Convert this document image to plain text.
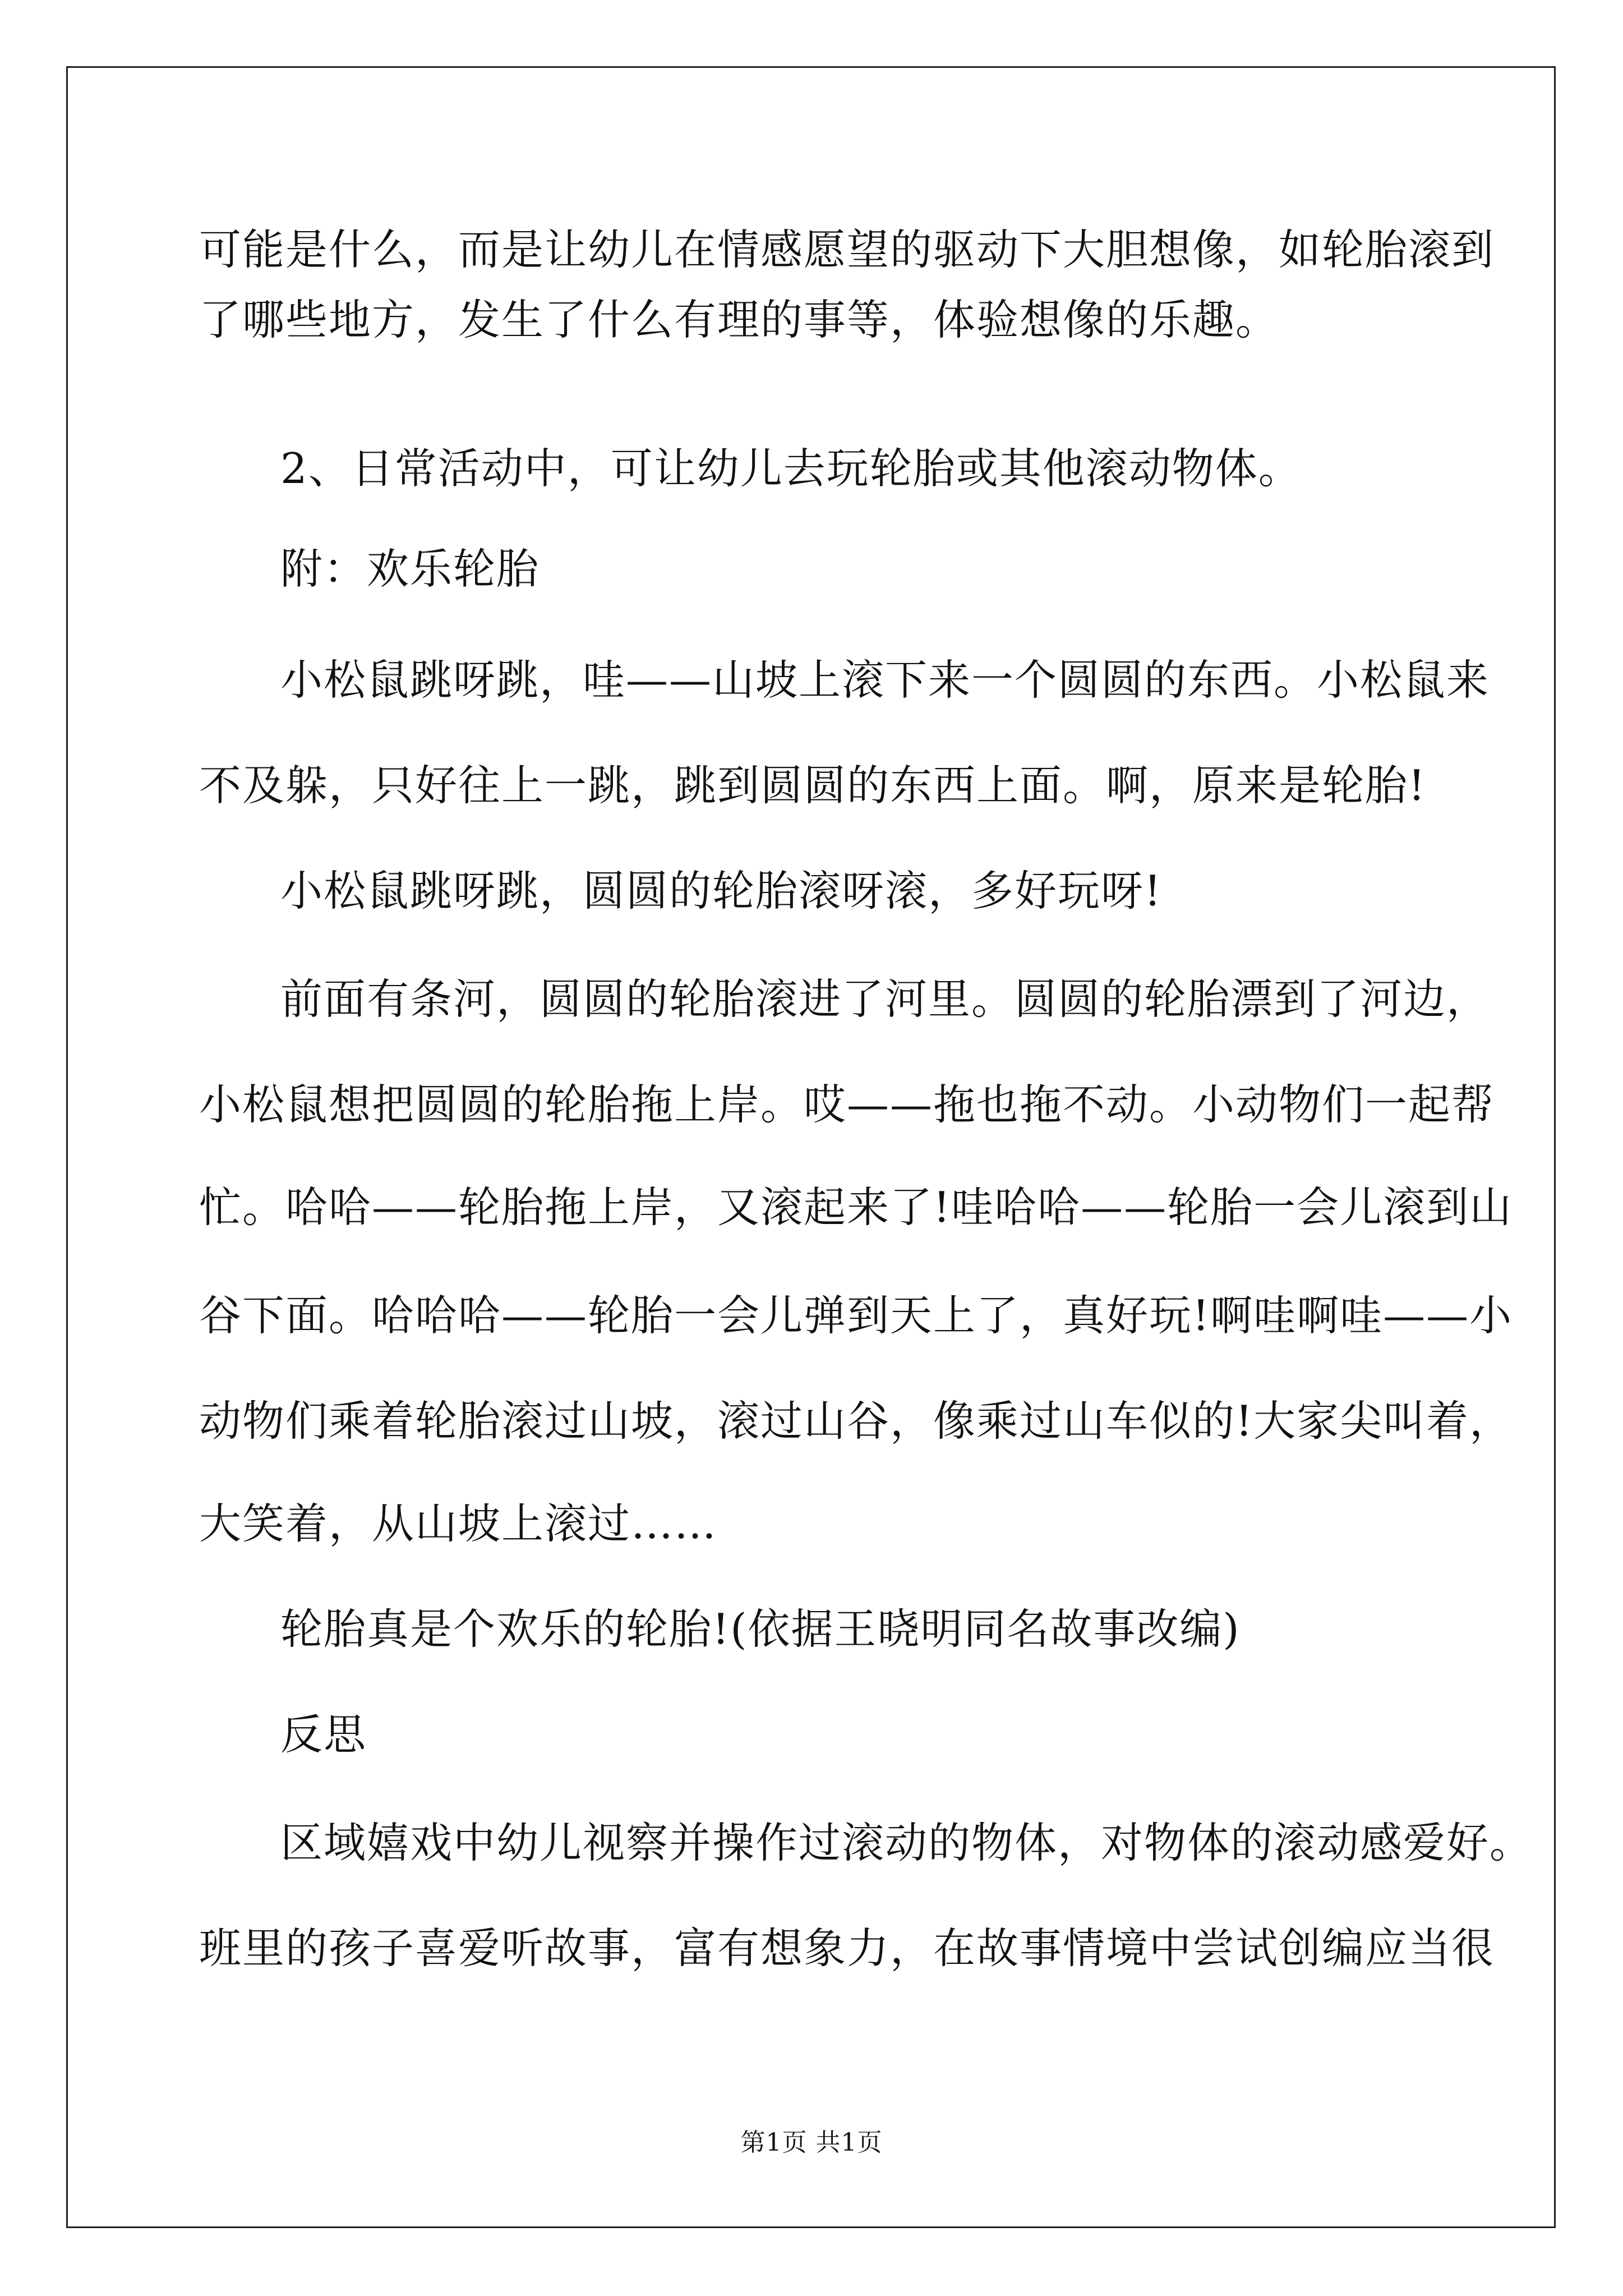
可能是什么，而是让幼儿在情感愿望的驱动下大胆想像，如轮胎滚到
了哪些地方，发生了什么有理的事等，体验想像的乐趣。
2、日常活动中，可让幼儿去玩轮胎或其他滚动物体。
附：欢乐轮胎
小松鼠跳呀跳，哇——山坡上滚下来一个圆圆的东西。小松鼠来
不及躲，只好往上一跳，跳到圆圆的东西上面。啊，原来是轮胎!
小松鼠跳呀跳，圆圆的轮胎滚呀滚，多好玩呀!
前面有条河，圆圆的轮胎滚进了河里。圆圆的轮胎漂到了河边，
小松鼠想把圆圆的轮胎拖上岸。哎——拖也拖不动。小动物们一起帮
忙。哈哈——轮胎拖上岸，又滚起来了!哇哈哈——轮胎一会儿滚到山
谷下面。哈哈哈——轮胎一会儿弹到天上了，真好玩!啊哇啊哇——小
动物们乘着轮胎滚过山坡，滚过山谷，像乘过山车似的!大家尖叫着，
大笑着，从山坡上滚过……
轮胎真是个欢乐的轮胎!(依据王晓明同名故事改编)
反思
区域嬉戏中幼儿视察并操作过滚动的物体，对物体的滚动感爱好。
班里的孩子喜爱听故事，富有想象力，在故事情境中尝试创编应当很
第1页 共1页
